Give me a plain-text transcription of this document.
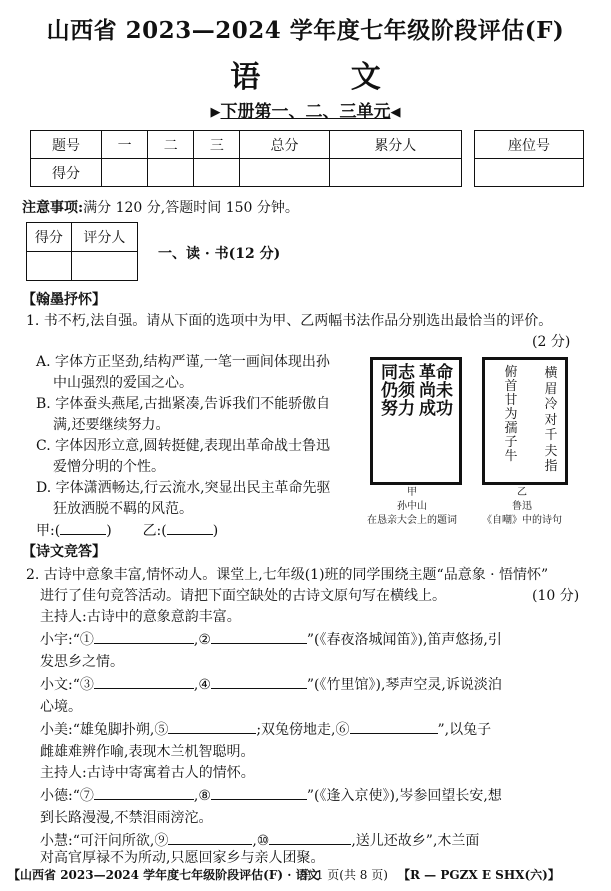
山西省 2023—2024 学年度七年级阶段评估(F)
语 文
▶下册第一、二、三单元◀
题号	一	二	三	总分	累分人
得分					
座位号

注意事项:满分 120 分,答题时间 150 分钟。
得分	评分人

一、读 · 书(12 分)
【翰墨抒怀】
1. 书不朽,法自强。请从下面的选项中为甲、乙两幅书法作品分别选出最恰当的评价。
(2 分)
A. 字体方正坚劲,结构严谨,一笔一画间体现出孙
中山强烈的爱国之心。
B. 字体蚕头燕尾,古拙紧凑,告诉我们不能骄傲自
满,还要继续努力。
C. 字体因形立意,圆转挺健,表现出革命战士鲁迅
爱憎分明的个性。
D. 字体潇洒畅达,行云流水,突显出民主革命先驱
狂放洒脱不羁的风范。
甲:(	) 乙:(	)
革命尚未成功
同志仍须努力
甲
孙中山
在恳亲大会上的题词
横眉冷对千夫指
俯首甘为孺子牛
乙
鲁迅
《自嘲》中的诗句
【诗文竞答】
2. 古诗中意象丰富,情怀动人。课堂上,七年级(1)班的同学围绕主题“品意象 · 悟情怀”
进行了佳句竞答活动。请把下面空缺处的古诗文原句写在横线上。	(10 分)
主持人:古诗中的意象意韵丰富。
小宇:“①	,②	”(《春夜洛城闻笛》),笛声悠扬,引
发思乡之情。
小文:“③	,④	”(《竹里馆》),琴声空灵,诉说淡泊
心境。
小美:“雄兔脚扑朔,⑤	;双兔傍地走,⑥	”,以兔子
雌雄难辨作喻,表现木兰机智聪明。
主持人:古诗中寄寓着古人的情怀。
小德:“⑦	,⑧	”(《逢入京使》),岑参回望长安,想
到长路漫漫,不禁泪雨滂沱。
小慧:“可汗问所欲,⑨	,⑩	,送儿还故乡”,木兰面
对高官厚禄不为所动,只愿回家乡与亲人团聚。
【山西省 2023—2024 学年度七年级阶段评估(F) · 语文
第 1 页(共 8 页) 【R — PGZX E SHX(六)】
